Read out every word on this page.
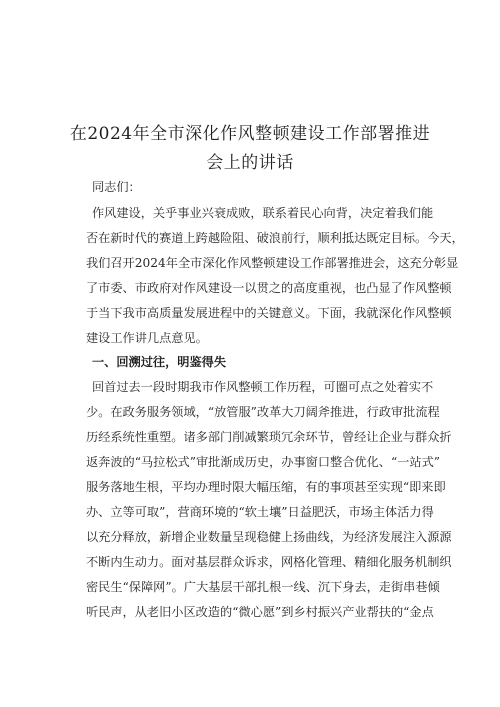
在2024年全市深化作风整顿建设工作部署推进
会上的讲话
同志们：
作风建设，关乎事业兴衰成败，联系着民心向背，决定着我们能
否在新时代的赛道上跨越险阻、破浪前行，顺利抵达既定目标。今天，
我们召开2024年全市深化作风整顿建设工作部署推进会，这充分彰显
了市委、市政府对作风建设一以贯之的高度重视，也凸显了作风整顿
于当下我市高质量发展进程中的关键意义。下面，我就深化作风整顿
建设工作讲几点意见。
一、回溯过往，明鉴得失
回首过去一段时期我市作风整顿工作历程，可圈可点之处着实不
少。在政务服务领域，“放管服”改革大刀阔斧推进，行政审批流程
历经系统性重塑。诸多部门削减繁琐冗余环节，曾经让企业与群众折
返奔波的“马拉松式”审批渐成历史，办事窗口整合优化、“一站式”
服务落地生根，平均办理时限大幅压缩，有的事项甚至实现“即来即
办、立等可取”，营商环境的“软土壤”日益肥沃，市场主体活力得
以充分释放，新增企业数量呈现稳健上扬曲线，为经济发展注入源源
不断内生动力。面对基层群众诉求，网格化管理、精细化服务机制织
密民生“保障网”。广大基层干部扎根一线、沉下身去，走街串巷倾
听民声，从老旧小区改造的“微心愿”到乡村振兴产业帮扶的“金点
